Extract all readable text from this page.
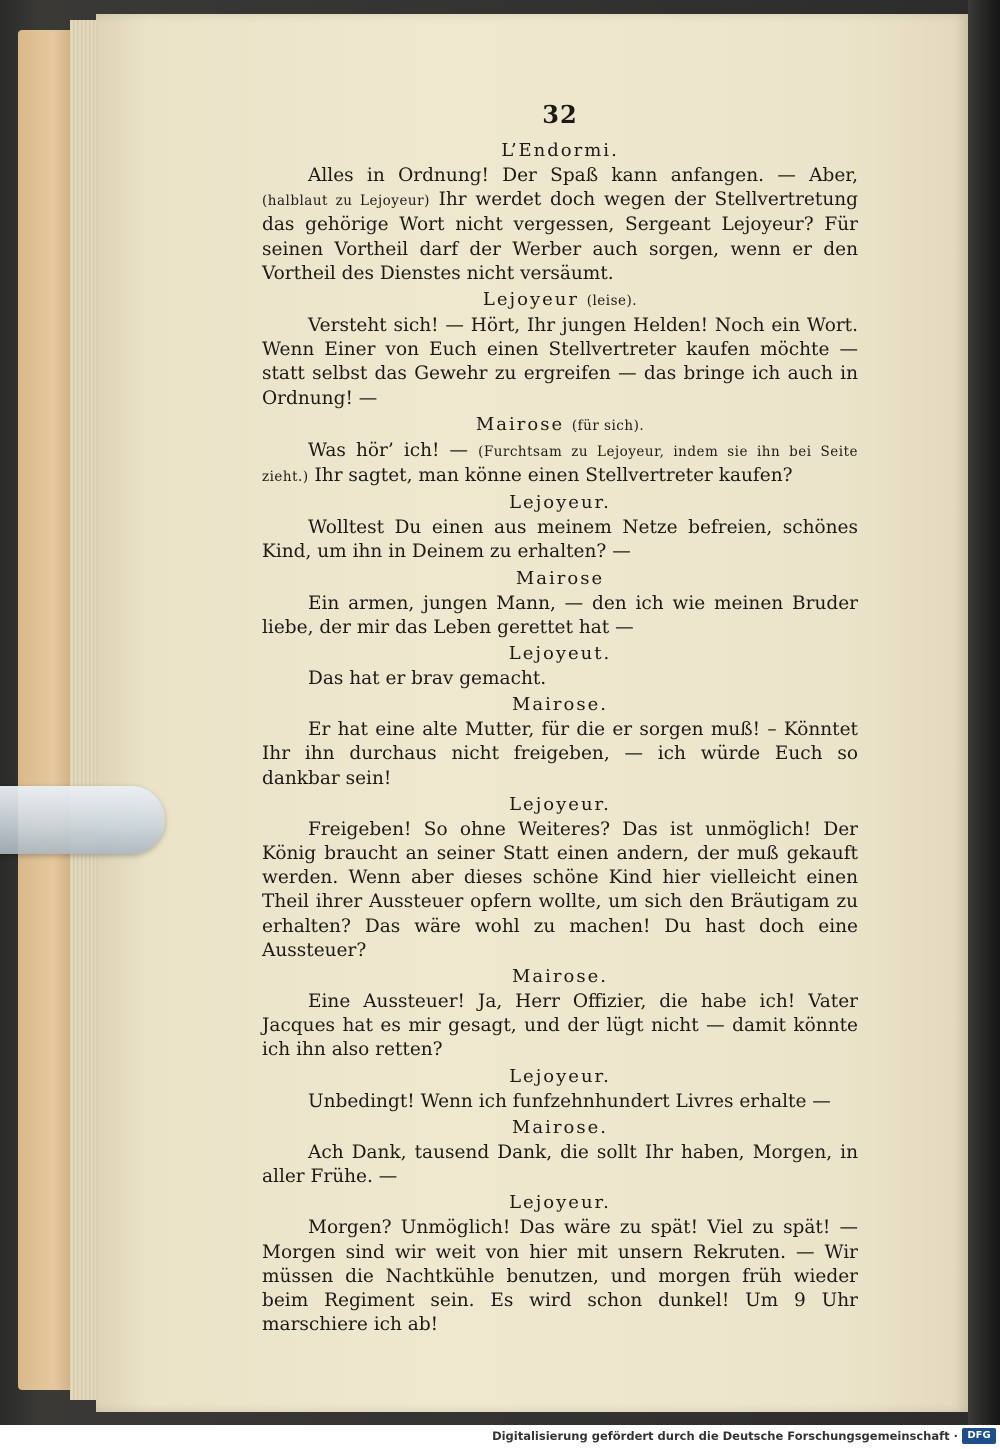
32
L’Endormi.

Alles in Ordnung! Der Spaß kann anfangen. — Aber, (halblaut zu Lejoyeur) Ihr werdet doch wegen der Stellvertretung das gehörige Wort nicht vergessen, Sergeant Lejoyeur? Für seinen Vortheil darf der Werber auch sorgen, wenn er den Vortheil des Dienstes nicht versäumt.

Lejoyeur (leise).

Versteht sich! — Hört, Ihr jungen Helden! Noch ein Wort. Wenn Einer von Euch einen Stellvertreter kaufen möchte — statt selbst das Gewehr zu ergreifen — das bringe ich auch in Ordnung! —

Mairose (für sich).

Was hör’ ich! — (Furchtsam zu Lejoyeur, indem sie ihn bei Seite zieht.) Ihr sagtet, man könne einen Stellvertreter kaufen?

Lejoyeur.

Wolltest Du einen aus meinem Netze befreien, schönes Kind, um ihn in Deinem zu erhalten? —

Mairose

Ein armen, jungen Mann, — den ich wie meinen Bruder liebe, der mir das Leben gerettet hat —

Lejoyeut.

Das hat er brav gemacht.

Mairose.

Er hat eine alte Mutter, für die er sorgen muß! – Könntet Ihr ihn durchaus nicht freigeben, — ich würde Euch so dankbar sein!

Lejoyeur.

Freigeben! So ohne Weiteres? Das ist unmöglich! Der König braucht an seiner Statt einen andern, der muß gekauft werden. Wenn aber dieses schöne Kind hier vielleicht einen Theil ihrer Aussteuer opfern wollte, um sich den Bräutigam zu erhalten? Das wäre wohl zu machen! Du hast doch eine Aussteuer?

Mairose.

Eine Aussteuer! Ja, Herr Offizier, die habe ich! Vater Jacques hat es mir gesagt, und der lügt nicht — damit könnte ich ihn also retten?

Lejoyeur.

Unbedingt! Wenn ich funfzehnhundert Livres erhalte —

Mairose.

Ach Dank, tausend Dank, die sollt Ihr haben, Morgen, in aller Frühe. —

Lejoyeur.

Morgen? Unmöglich! Das wäre zu spät! Viel zu spät! — Morgen sind wir weit von hier mit unsern Rekruten. — Wir müssen die Nachtkühle benutzen, und morgen früh wieder beim Regiment sein. Es wird schon dunkel! Um 9 Uhr marschiere ich ab!

Digitalisierung gefördert durch die Deutsche Forschungsgemeinschaft · DFG
